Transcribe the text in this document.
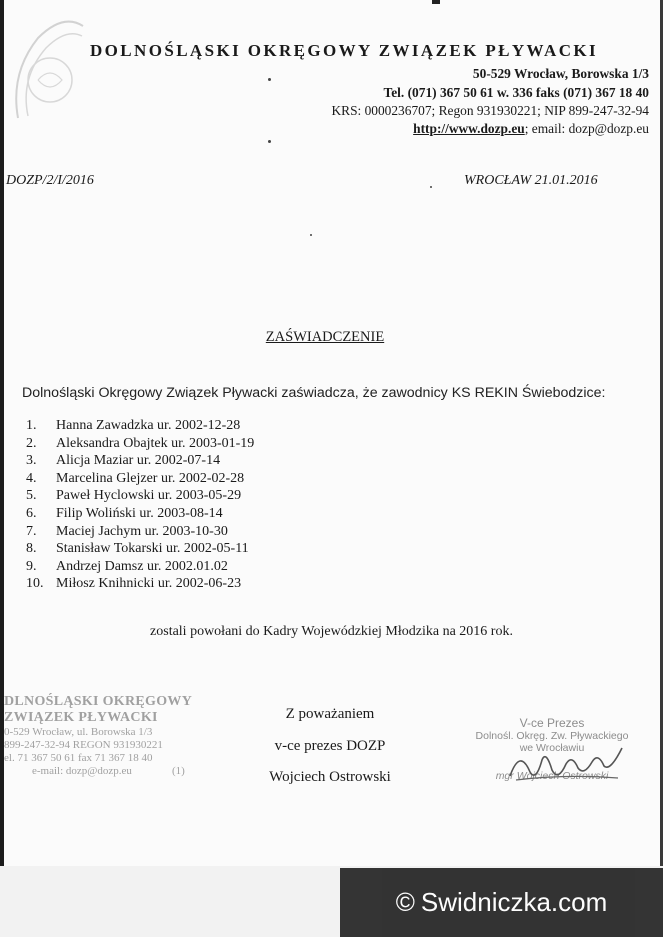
DOLNOŚLĄSKI OKRĘGOWY ZWIĄZEK PŁYWACKI
50-529 Wrocław, Borowska 1/3
Tel. (071) 367 50 61 w. 336 faks (071) 367 18 40
KRS: 0000236707; Regon 931930221; NIP 899-247-32-94
http://www.dozp.eu; email: dozp@dozp.eu
DOZP/2/I/2016	WROCŁAW 21.01.2016
ZAŚWIADCZENIE
Dolnośląski Okręgowy Związek Pływacki zaświadcza, że zawodnicy KS REKIN Świebodzice:
1. Hanna Zawadzka ur. 2002-12-28
2. Aleksandra Obajtek ur. 2003-01-19
3. Alicja Maziar ur. 2002-07-14
4. Marcelina Glejzer ur. 2002-02-28
5. Paweł Hyclowski ur. 2003-05-29
6. Filip Woliński ur. 2003-08-14
7. Maciej Jachym ur. 2003-10-30
8. Stanisław Tokarski ur. 2002-05-11
9. Andrzej Damsz ur. 2002.01.02
10. Miłosz Knihnicki ur. 2002-06-23
zostali powołani do Kadry Wojewódzkiej Młodzika na 2016 rok.
DLNOŚLĄSKI OKRĘGOWY
ZWIĄZEK PŁYWACKI
0-529 Wrocław, ul. Borowska 1/3
899-247-32-94 REGON 931930221
el. 71 367 50 61 fax 71 367 18 40
e-mail: dozp@dozp.eu	(1)
Z poważaniem
v-ce prezes DOZP
Wojciech Ostrowski
V-ce Prezes
Dolnośl. Okręg. Zw. Pływackiego
we Wrocławiu
mgr Wojciech Ostrowski
© Swidniczka.com
